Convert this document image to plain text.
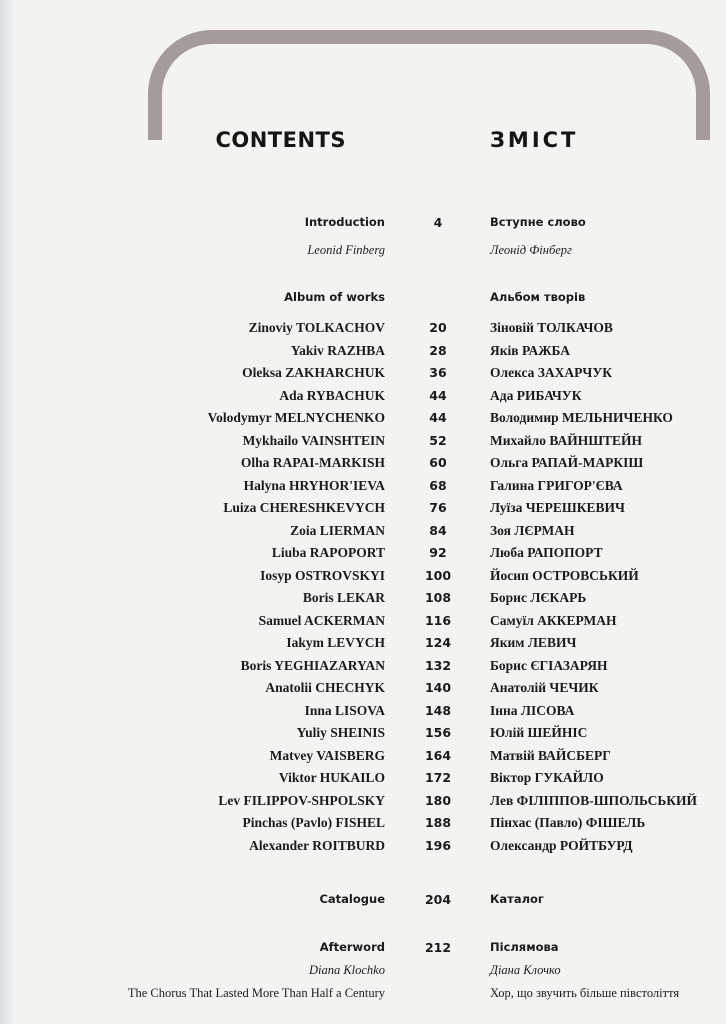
CONTENTS	ЗМІСТ
Introduction	4	Вступне слово
Leonid Finberg	Леонід Фінберг
Album of works	Альбом творів
Zinoviy TOLKACHOV	20	Зіновій ТОЛКАЧОВ
Yakiv RAZHBA	28	Яків РАЖБА
Oleksa ZAKHARCHUK	36	Олекса ЗАХАРЧУК
Ada RYBACHUK	44	Ада РИБАЧУК
Volodymyr MELNYCHENKO	44	Володимир МЕЛЬНИЧЕНКО
Mykhailo VAINSHTEIN	52	Михайло ВАЙНШТЕЙН
Olha RAPAI-MARKISH	60	Ольга РАПАЙ-МАРКІШ
Halyna HRYHOR'IEVA	68	Галина ГРИГОР'ЄВА
Luiza CHERESHKEVYCH	76	Луїза ЧЕРЕШКЕВИЧ
Zoia LIERMAN	84	Зоя ЛЄРМАН
Liuba RAPOPORT	92	Люба РАПОПОРТ
Iosyp OSTROVSKYI	100	Йосип ОСТРОВСЬКИЙ
Boris LEKAR	108	Борис ЛЄКАРЬ
Samuel ACKERMAN	116	Самуїл АККЕРМАН
Iakym LEVYCH	124	Яким ЛЕВИЧ
Boris YEGHIAZARYAN	132	Борис ЄГІАЗАРЯН
Anatolii CHECHYK	140	Анатолій ЧЕЧИК
Inna LISOVA	148	Інна ЛІСОВА
Yuliy SHEINIS	156	Юлій ШЕЙНІС
Matvey VAISBERG	164	Матвій ВАЙСБЕРГ
Viktor HUKAILO	172	Віктор ГУКАЙЛО
Lev FILIPPOV-SHPOLSKY	180	Лев ФІЛІППОВ-ШПОЛЬСЬКИЙ
Pinchas (Pavlo) FISHEL	188	Пінхас (Павло) ФІШЕЛЬ
Alexander ROITBURD	196	Олександр РОЙТБУРД
Catalogue	204	Каталог
Afterword	212	Післямова
Diana Klochko	Діана Клочко
The Chorus That Lasted More Than Half a Century	Хор, що звучить більше півстоліття
